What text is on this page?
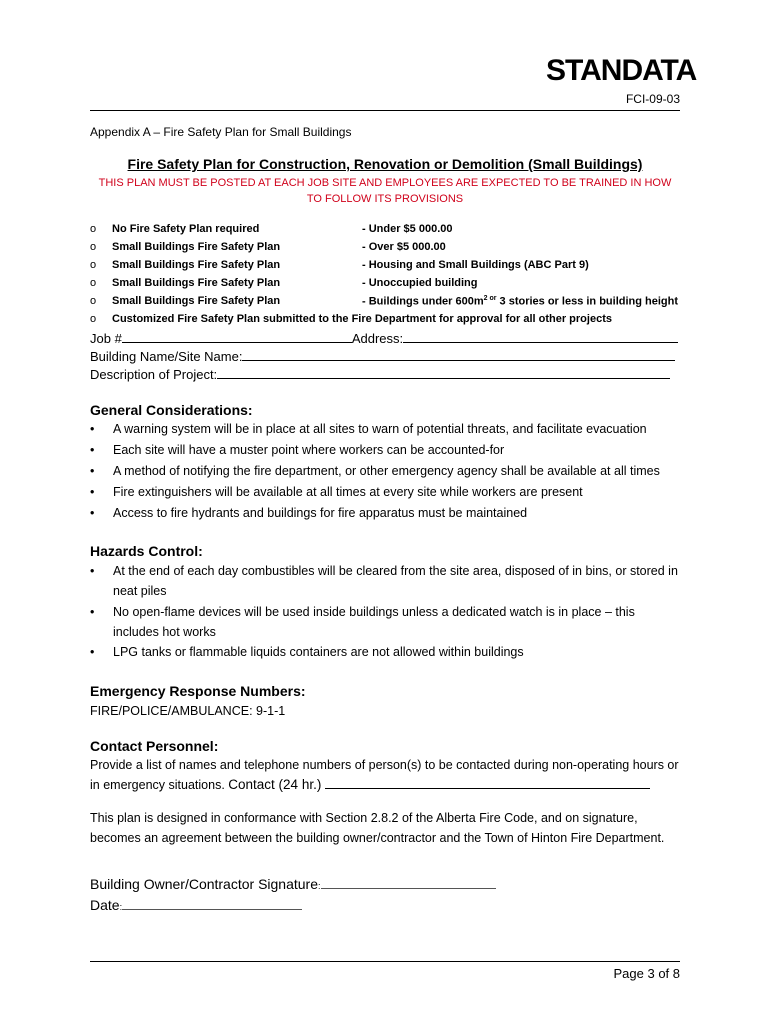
STANDATA
FCI-09-03
Appendix A – Fire Safety Plan for Small Buildings
Fire Safety Plan for Construction, Renovation or Demolition (Small Buildings)
THIS PLAN MUST BE POSTED AT EACH JOB SITE AND EMPLOYEES ARE EXPECTED TO BE TRAINED IN HOW TO FOLLOW ITS PROVISIONS
o No Fire Safety Plan required	- Under $5 000.00
o Small Buildings Fire Safety Plan	- Over $5 000.00
o Small Buildings Fire Safety Plan	- Housing and Small Buildings (ABC Part 9)
o Small Buildings Fire Safety Plan	- Unoccupied building
o Small Buildings Fire Safety Plan	- Buildings under $600m^{2 or}$ 3 stories or less in building height
o Customized Fire Safety Plan submitted to the Fire Department for approval for all other projects
Job #	Address:
Building Name/Site Name:
Description of Project:
General Considerations:
• A warning system will be in place at all sites to warn of potential threats, and facilitate evacuation
• Each site will have a muster point where workers can be accounted-for
• A method of notifying the fire department, or other emergency agency shall be available at all times
• Fire extinguishers will be available at all times at every site while workers are present
• Access to fire hydrants and buildings for fire apparatus must be maintained
Hazards Control:
• At the end of each day combustibles will be cleared from the site area, disposed of in bins, or stored in neat piles
• No open-flame devices will be used inside buildings unless a dedicated watch is in place – this includes hot works
• LPG tanks or flammable liquids containers are not allowed within buildings
Emergency Response Numbers:
FIRE/POLICE/AMBULANCE: 9-1-1
Contact Personnel:
Provide a list of names and telephone numbers of person(s) to be contacted during non-operating hours or in emergency situations. Contact (24 hr.)
This plan is designed in conformance with Section 2.8.2 of the Alberta Fire Code, and on signature, becomes an agreement between the building owner/contractor and the Town of Hinton Fire Department.
Building Owner/Contractor Signature:
Date:
Page 3 of 8
